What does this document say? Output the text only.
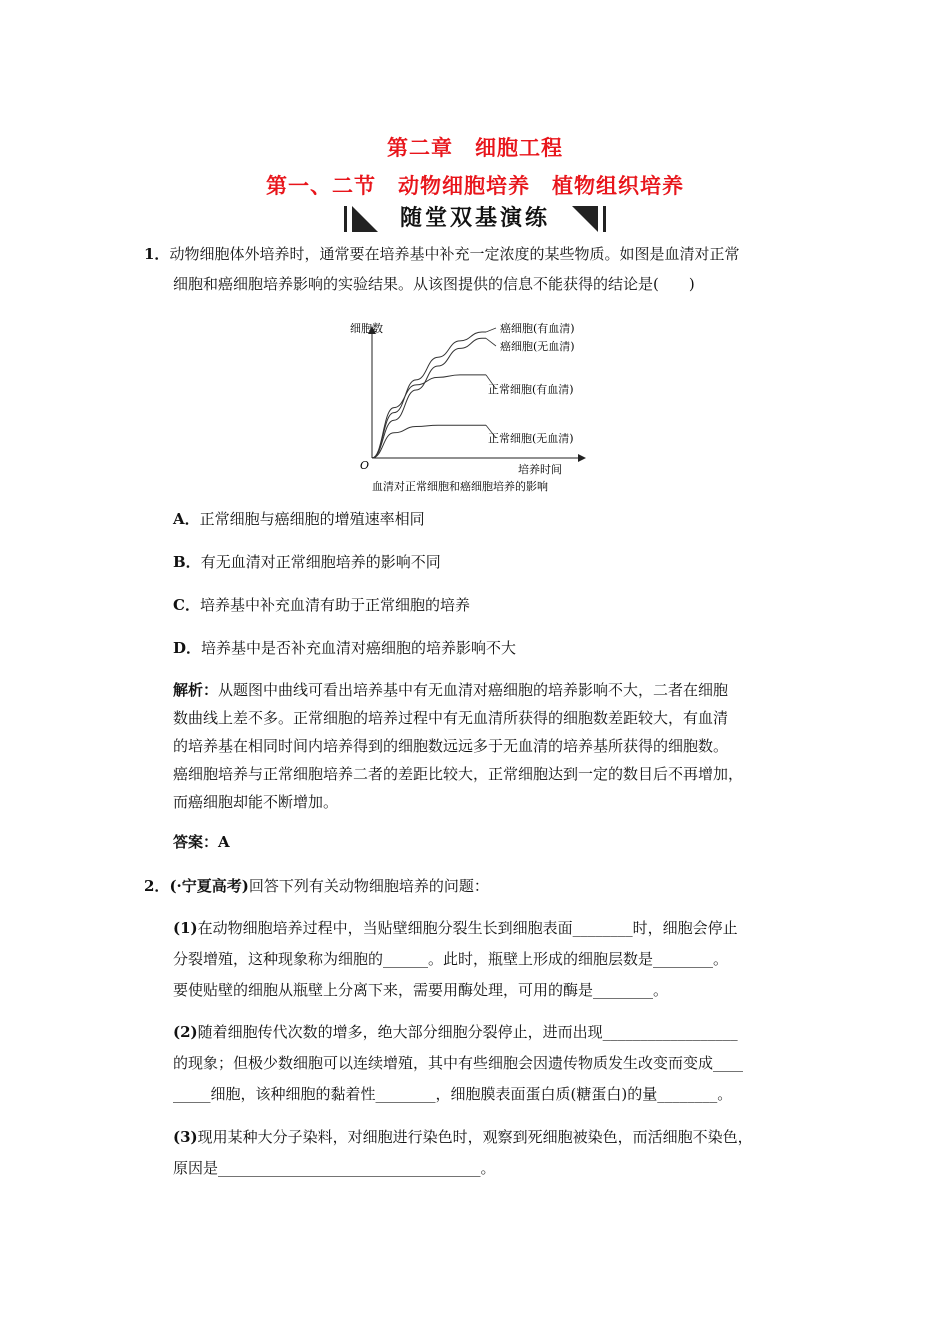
第二章　细胞工程
第一、二节　动物细胞培养　植物组织培养
随堂双基演练
1．动物细胞体外培养时，通常要在培养基中补充一定浓度的某些物质。如图是血清对正常
细胞和癌细胞培养影响的实验结果。从该图提供的信息不能获得的结论是(　　)
细胞数
O	培养时间
血清对正常细胞和癌细胞培养的影响
癌细胞(有血清)
癌细胞(无血清)
正常细胞(有血清)
正常细胞(无血清)
A．正常细胞与癌细胞的增殖速率相同
B．有无血清对正常细胞培养的影响不同
C．培养基中补充血清有助于正常细胞的培养
D．培养基中是否补充血清对癌细胞的培养影响不大
解析：从题图中曲线可看出培养基中有无血清对癌细胞的培养影响不大，二者在细胞
数曲线上差不多。正常细胞的培养过程中有无血清所获得的细胞数差距较大，有血清
的培养基在相同时间内培养得到的细胞数远远多于无血清的培养基所获得的细胞数。
癌细胞培养与正常细胞培养二者的差距比较大，正常细胞达到一定的数目后不再增加，
而癌细胞却能不断增加。
答案：A
2．(·宁夏高考)回答下列有关动物细胞培养的问题：
(1)在动物细胞培养过程中，当贴壁细胞分裂生长到细胞表面________时，细胞会停止
分裂增殖，这种现象称为细胞的______。此时，瓶壁上形成的细胞层数是________。
要使贴壁的细胞从瓶壁上分离下来，需要用酶处理，可用的酶是________。
(2)随着细胞传代次数的增多，绝大部分细胞分裂停止，进而出现__________________
的现象；但极少数细胞可以连续增殖，其中有些细胞会因遗传物质发生改变而变成____
_____细胞，该种细胞的黏着性________，细胞膜表面蛋白质(糖蛋白)的量________。
(3)现用某种大分子染料，对细胞进行染色时，观察到死细胞被染色，而活细胞不染色，
原因是___________________________________。
